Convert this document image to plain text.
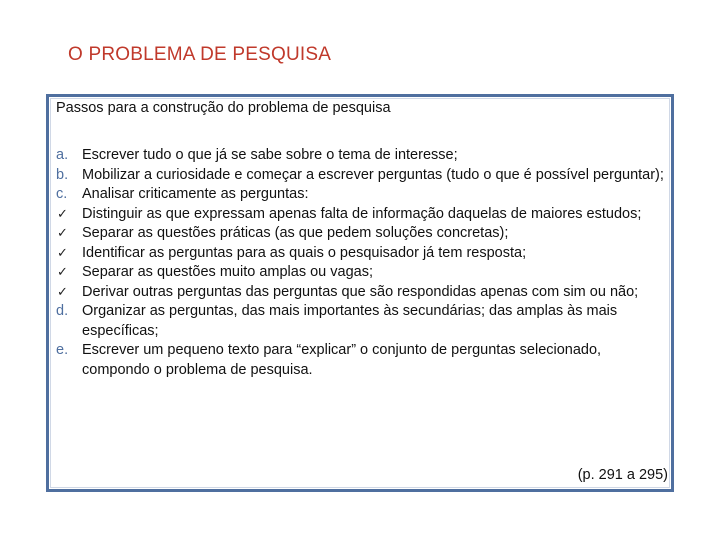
O PROBLEMA DE PESQUISA
Passos para a construção do problema de pesquisa
a. Escrever tudo o que já se sabe sobre o tema de interesse;
b. Mobilizar a curiosidade e começar a escrever perguntas (tudo o que é possível perguntar);
c.	Analisar criticamente as perguntas:
✓ Distinguir as que expressam apenas falta de informação daquelas de maiores estudos;
✓ Separar as questões práticas (as que pedem soluções concretas);
✓ Identificar as perguntas para as quais o pesquisador já tem resposta;
✓ Separar as questões muito amplas ou vagas;
✓ Derivar outras perguntas das perguntas que são respondidas apenas com sim ou não;
d. Organizar as perguntas, das mais importantes às secundárias; das amplas às mais específicas;
e. Escrever um pequeno texto para “explicar” o conjunto de perguntas selecionado, compondo o problema de pesquisa.
(p. 291 a 295)
